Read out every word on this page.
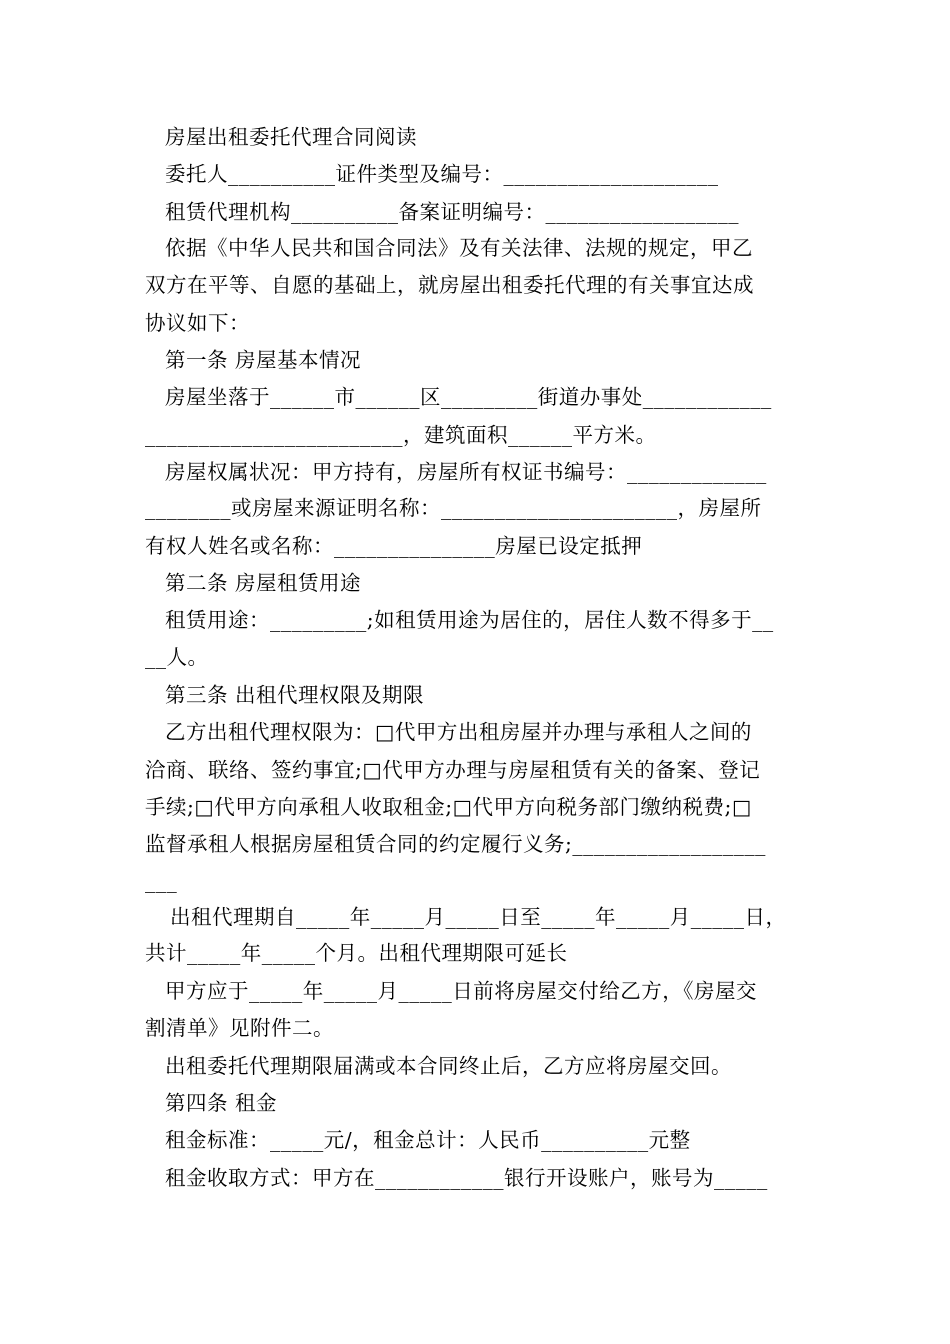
房屋出租委托代理合同阅读
委托人__________证件类型及编号：____________________
租赁代理机构__________备案证明编号：__________________
依据《中华人民共和国合同法》及有关法律、法规的规定，甲乙
双方在平等、自愿的基础上，就房屋出租委托代理的有关事宜达成
协议如下：
第一条 房屋基本情况
房屋坐落于______市______区_________街道办事处____________
________________________，建筑面积______平方米。
房屋权属状况：甲方持有，房屋所有权证书编号：_____________
________或房屋来源证明名称：______________________，房屋所
有权人姓名或名称：_______________房屋已设定抵押
第二条 房屋租赁用途
租赁用途：_________;如租赁用途为居住的，居住人数不得多于__
__人。
第三条 出租代理权限及期限
乙方出租代理权限为：□代甲方出租房屋并办理与承租人之间的
洽商、联络、签约事宜;□代甲方办理与房屋租赁有关的备案、登记
手续;□代甲方向承租人收取租金;□代甲方向税务部门缴纳税费;□
监督承租人根据房屋租赁合同的约定履行义务;__________________
___
出租代理期自_____年_____月_____日至_____年_____月_____日，
共计_____年_____个月。出租代理期限可延长
甲方应于_____年_____月_____日前将房屋交付给乙方，《房屋交
割清单》见附件二。
出租委托代理期限届满或本合同终止后，乙方应将房屋交回。
第四条 租金
租金标准：_____元/，租金总计：人民币__________元整
租金收取方式：甲方在____________银行开设账户，账号为_____
